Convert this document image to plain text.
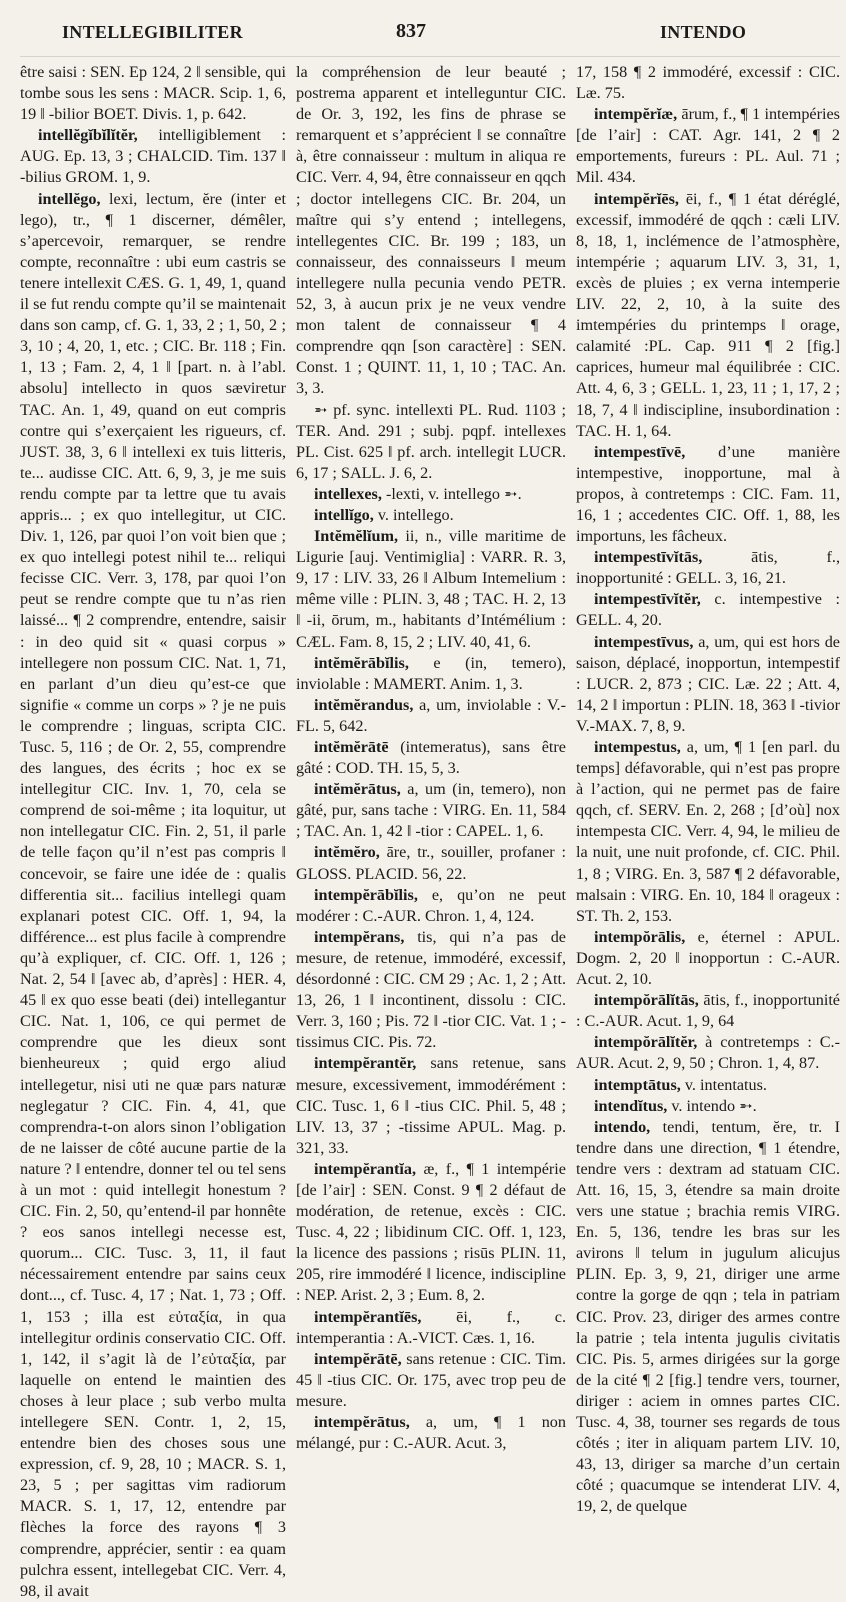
INTELLEGIBILITER	837	INTENDO

être saisi : SEN. Ep 124, 2 ‖ sensible, qui tombe sous les sens : MACR. Scip. 1, 6, 19 ‖ -bilior BOET. Divis. 1, p. 642.

intellĕgĭbĭlĭtĕr, intelligiblement : AUG. Ep. 13, 3 ; CHALCID. Tim. 137 ‖ -bilius GROM. 1, 9.

intellĕgo, lexi, lectum, ĕre (inter et lego), tr., ¶ 1 discerner, démêler, s’apercevoir, remarquer, se rendre compte, reconnaître : ubi eum castris se tenere intellexit CÆS. G. 1, 49, 1, quand il se fut rendu compte qu’il se maintenait dans son camp, cf. G. 1, 33, 2 ; 1, 50, 2 ; 3, 10 ; 4, 20, 1, etc. ; CIC. Br. 118 ; Fin. 1, 13 ; Fam. 2, 4, 1 ‖ [part. n. à l’abl. absolu] intellecto in quos sæviretur TAC. An. 1, 49, quand on eut compris contre qui s’exerçaient les rigueurs, cf. JUST. 38, 3, 6 ‖ intellexi ex tuis litteris, te... audisse CIC. Att. 6, 9, 3, je me suis rendu compte par ta lettre que tu avais appris... ; ex quo intellegitur, ut CIC. Div. 1, 126, par quoi l’on voit bien que ; ex quo intellegi potest nihil te... reliqui fecisse CIC. Verr. 3, 178, par quoi l’on peut se rendre compte que tu n’as rien laissé... ¶ 2 comprendre, entendre, saisir : in deo quid sit « quasi corpus » intellegere non possum CIC. Nat. 1, 71, en parlant d’un dieu qu’est-ce que signifie « comme un corps » ? je ne puis le comprendre ; linguas, scripta CIC. Tusc. 5, 116 ; de Or. 2, 55, comprendre des langues, des écrits ; hoc ex se intellegitur CIC. Inv. 1, 70, cela se comprend de soi-même ; ita loquitur, ut non intellegatur CIC. Fin. 2, 51, il parle de telle façon qu’il n’est pas compris ‖ concevoir, se faire une idée de : qualis differentia sit... facilius intellegi quam explanari potest CIC. Off. 1, 94, la différence... est plus facile à comprendre qu’à expliquer, cf. CIC. Off. 1, 126 ; Nat. 2, 54 ‖ [avec ab, d’après] : HER. 4, 45 ‖ ex quo esse beati (dei) intellegantur CIC. Nat. 1, 106, ce qui permet de comprendre que les dieux sont bienheureux ; quid ergo aliud intellegetur, nisi uti ne quæ pars naturæ neglegatur ? CIC. Fin. 4, 41, que comprendra-t-on alors sinon l’obligation de ne laisser de côté aucune partie de la nature ? ‖ entendre, donner tel ou tel sens à un mot : quid intellegit honestum ? CIC. Fin. 2, 50, qu’entend-il par honnête ? eos sanos intellegi necesse est, quorum... CIC. Tusc. 3, 11, il faut nécessairement entendre par sains ceux dont..., cf. Tusc. 4, 17 ; Nat. 1, 73 ; Off. 1, 153 ; illa est εὐταξία, in qua intellegitur ordinis conservatio CIC. Off. 1, 142, il s’agit là de l’εὐταξία, par laquelle on entend le maintien des choses à leur place ; sub verbo multa intellegere SEN. Contr. 1, 2, 15, entendre bien des choses sous une expression, cf. 9, 28, 10 ; MACR. S. 1, 23, 5 ; per sagittas vim radiorum MACR. S. 1, 17, 12, entendre par flèches la force des rayons ¶ 3 comprendre, apprécier, sentir : ea quam pulchra essent, intellegebat CIC. Verr. 4, 98, il avait

la compréhension de leur beauté ; postrema apparent et intelleguntur CIC. de Or. 3, 192, les fins de phrase se remarquent et s’apprécient ‖ se connaître à, être connaisseur : multum in aliqua re CIC. Verr. 4, 94, être connaisseur en qqch ; doctor intellegens CIC. Br. 204, un maître qui s’y entend ; intellegens, intellegentes CIC. Br. 199 ; 183, un connaisseur, des connaisseurs ‖ meum intellegere nulla pecunia vendo PETR. 52, 3, à aucun prix je ne veux vendre mon talent de connaisseur ¶ 4 comprendre qqn [son caractère] : SEN. Const. 1 ; QUINT. 11, 1, 10 ; TAC. An. 3, 3.

➵ pf. sync. intellexti PL. Rud. 1103 ; TER. And. 291 ; subj. pqpf. intellexes PL. Cist. 625 ‖ pf. arch. intellegit LUCR. 6, 17 ; SALL. J. 6, 2.

intellexes, -lexti, v. intellego ➵.

intellĭgo, v. intellego.

Intĕmĕlĭum, ii, n., ville maritime de Ligurie [auj. Ventimiglia] : VARR. R. 3, 9, 17 : LIV. 33, 26 ‖ Album Intemelium : même ville : PLIN. 3, 48 ; TAC. H. 2, 13 ‖ -ii, ōrum, m., habitants d’Intémélium : CÆL. Fam. 8, 15, 2 ; LIV. 40, 41, 6.

intĕmĕrābĭlis, e (in, temero), inviolable : MAMERT. Anim. 1, 3.

intĕmĕrandus, a, um, inviolable : V.-FL. 5, 642.

intĕmĕrātē (intemeratus), sans être gâté : COD. TH. 15, 5, 3.

intĕmĕrātus, a, um (in, temero), non gâté, pur, sans tache : VIRG. En. 11, 584 ; TAC. An. 1, 42 ‖ -tior : CAPEL. 1, 6.

intĕmĕro, āre, tr., souiller, profaner : GLOSS. PLACID. 56, 22.

intempĕrābĭlis, e, qu’on ne peut modérer : C.-AUR. Chron. 1, 4, 124.

intempĕrans, tis, qui n’a pas de mesure, de retenue, immodéré, excessif, désordonné : CIC. CM 29 ; Ac. 1, 2 ; Att. 13, 26, 1 ‖ incontinent, dissolu : CIC. Verr. 3, 160 ; Pis. 72 ‖ -tior CIC. Vat. 1 ; -tissimus CIC. Pis. 72.

intempĕrantĕr, sans retenue, sans mesure, excessivement, immodérément : CIC. Tusc. 1, 6 ‖ -tius CIC. Phil. 5, 48 ; LIV. 13, 37 ; -tissime APUL. Mag. p. 321, 33.

intempĕrantĭa, æ, f., ¶ 1 intempérie [de l’air] : SEN. Const. 9 ¶ 2 défaut de modération, de retenue, excès : CIC. Tusc. 4, 22 ; libidinum CIC. Off. 1, 123, la licence des passions ; risūs PLIN. 11, 205, rire immodéré ‖ licence, indiscipline : NEP. Arist. 2, 3 ; Eum. 8, 2.

intempĕrantĭēs, ēi, f., c. intemperantia : A.-VICT. Cæs. 1, 16.

intempĕrātē, sans retenue : CIC. Tim. 45 ‖ -tius CIC. Or. 175, avec trop peu de mesure.

intempĕrātus, a, um, ¶ 1 non mélangé, pur : C.-AUR. Acut. 3,

17, 158 ¶ 2 immodéré, excessif : CIC. Læ. 75.

intempĕrĭæ, ārum, f., ¶ 1 intempéries [de l’air] : CAT. Agr. 141, 2 ¶ 2 emportements, fureurs : PL. Aul. 71 ; Mil. 434.

intempĕrĭēs, ēi, f., ¶ 1 état déréglé, excessif, immodéré de qqch : cæli LIV. 8, 18, 1, inclémence de l’atmosphère, intempérie ; aquarum LIV. 3, 31, 1, excès de pluies ; ex verna intemperie LIV. 22, 2, 10, à la suite des imtempéries du printemps ‖ orage, calamité :PL. Cap. 911 ¶ 2 [fig.] caprices, humeur mal équilibrée : CIC. Att. 4, 6, 3 ; GELL. 1, 23, 11 ; 1, 17, 2 ; 18, 7, 4 ‖ indiscipline, insubordination : TAC. H. 1, 64.

intempestīvē, d’une manière intempestive, inopportune, mal à propos, à contretemps : CIC. Fam. 11, 16, 1 ; accedentes CIC. Off. 1, 88, les importuns, les fâcheux.

intempestīvĭtās, ātis, f., inopportunité : GELL. 3, 16, 21.

intempestīvĭtĕr, c. intempestive : GELL. 4, 20.

intempestīvus, a, um, qui est hors de saison, déplacé, inopportun, intempestif : LUCR. 2, 873 ; CIC. Læ. 22 ; Att. 4, 14, 2 ‖ importun : PLIN. 18, 363 ‖ -tivior V.-MAX. 7, 8, 9.

intempestus, a, um, ¶ 1 [en parl. du temps] défavorable, qui n’est pas propre à l’action, qui ne permet pas de faire qqch, cf. SERV. En. 2, 268 ; [d’où] nox intempesta CIC. Verr. 4, 94, le milieu de la nuit, une nuit profonde, cf. CIC. Phil. 1, 8 ; VIRG. En. 3, 587 ¶ 2 défavorable, malsain : VIRG. En. 10, 184 ‖ orageux : ST. Th. 2, 153.

intempŏrālis, e, éternel : APUL. Dogm. 2, 20 ‖ inopportun : C.-AUR. Acut. 2, 10.

intempŏrālĭtās, ātis, f., inopportunité : C.-AUR. Acut. 1, 9, 64

intempŏrālĭtĕr, à contretemps : C.-AUR. Acut. 2, 9, 50 ; Chron. 1, 4, 87.

intemptātus, v. intentatus.

intendĭtus, v. intendo ➵.

intendo, tendi, tentum, ĕre, tr. I tendre dans une direction, ¶ 1 étendre, tendre vers : dextram ad statuam CIC. Att. 16, 15, 3, étendre sa main droite vers une statue ; brachia remis VIRG. En. 5, 136, tendre les bras sur les avirons ‖ telum in jugulum alicujus PLIN. Ep. 3, 9, 21, diriger une arme contre la gorge de qqn ; tela in patriam CIC. Prov. 23, diriger des armes contre la patrie ; tela intenta jugulis civitatis CIC. Pis. 5, armes dirigées sur la gorge de la cité ¶ 2 [fig.] tendre vers, tourner, diriger : aciem in omnes partes CIC. Tusc. 4, 38, tourner ses regards de tous côtés ; iter in aliquam partem LIV. 10, 43, 13, diriger sa marche d’un certain côté ; quacumque se intenderat LIV. 4, 19, 2, de quelque
